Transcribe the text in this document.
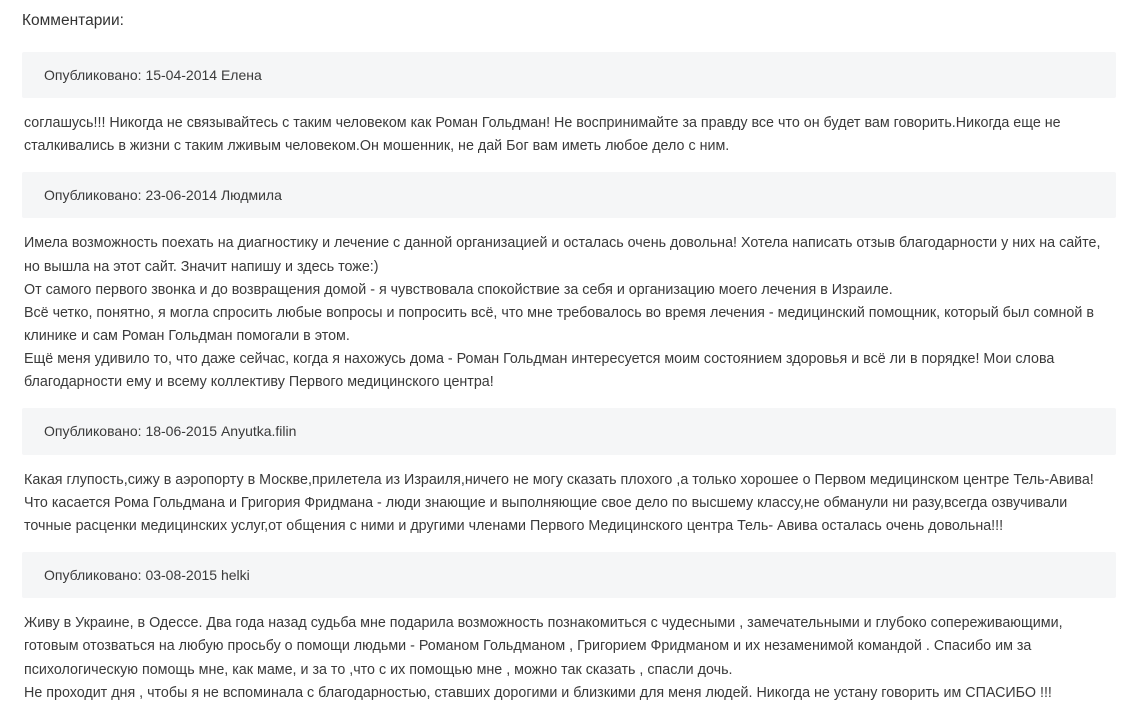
Комментарии:
Опубликовано: 15-04-2014 Елена

соглашусь!!! Никогда не связывайтесь с таким человеком как Роман Гольдман! Не воспринимайте за правду все что он будет вам говорить.Никогда еще не сталкивались в жизни с таким лживым человеком.Он мошенник, не дай Бог вам иметь любое дело с ним.

Опубликовано: 23-06-2014 Людмила

Имела возможность поехать на диагностику и лечение с данной организацией и осталась очень довольна! Хотела написать отзыв благодарности у них на сайте, но вышла на этот сайт. Значит напишу и здесь тоже:)

От самого первого звонка и до возвращения домой - я чувствовала спокойствие за себя и организацию моего лечения в Израиле.

Всё четко, понятно, я могла спросить любые вопросы и попросить всё, что мне требовалось во время лечения - медицинский помощник, который был сомной в клинике и сам Роман Гольдман помогали в этом.

Ещё меня удивило то, что даже сейчас, когда я нахожусь дома - Роман Гольдман интересуется моим состоянием здоровья и всё ли в порядке! Мои слова благодарности ему и всему коллективу Первого медицинского центра!

Опубликовано: 18-06-2015 Anyutka.filin

Какая глупость,сижу в аэропорту в Москве,прилетела из Израиля,ничего не могу сказать плохого ,а только хорошее о Первом медицинском центре Тель-Авива!Что касается Рома Гольдмана и Григория Фридмана - люди знающие и выполняющие свое дело по высшему классу,не обманули ни разу,всегда озвучивали точные расценки медицинских услуг,от общения с ними и другими членами Первого Медицинского центра Тель- Авива осталась очень довольна!!!

Опубликовано: 03-08-2015 helki

Живу в Украине, в Одессе. Два года назад судьба мне подарила возможность познакомиться с чудесными , замечательными и глубоко сопереживающими, готовым отозваться на любую просьбу о помощи людьми - Романом Гольдманом , Григорием Фридманом и их незаменимой командой . Спасибо им за психологическую помощь мне, как маме, и за то ,что с их помощью мне , можно так сказать , спасли дочь.

Не проходит дня , чтобы я не вспоминала с благодарностью, ставших дорогими и близкими для меня людей. Никогда не устану говорить им СПАСИБО !!!
